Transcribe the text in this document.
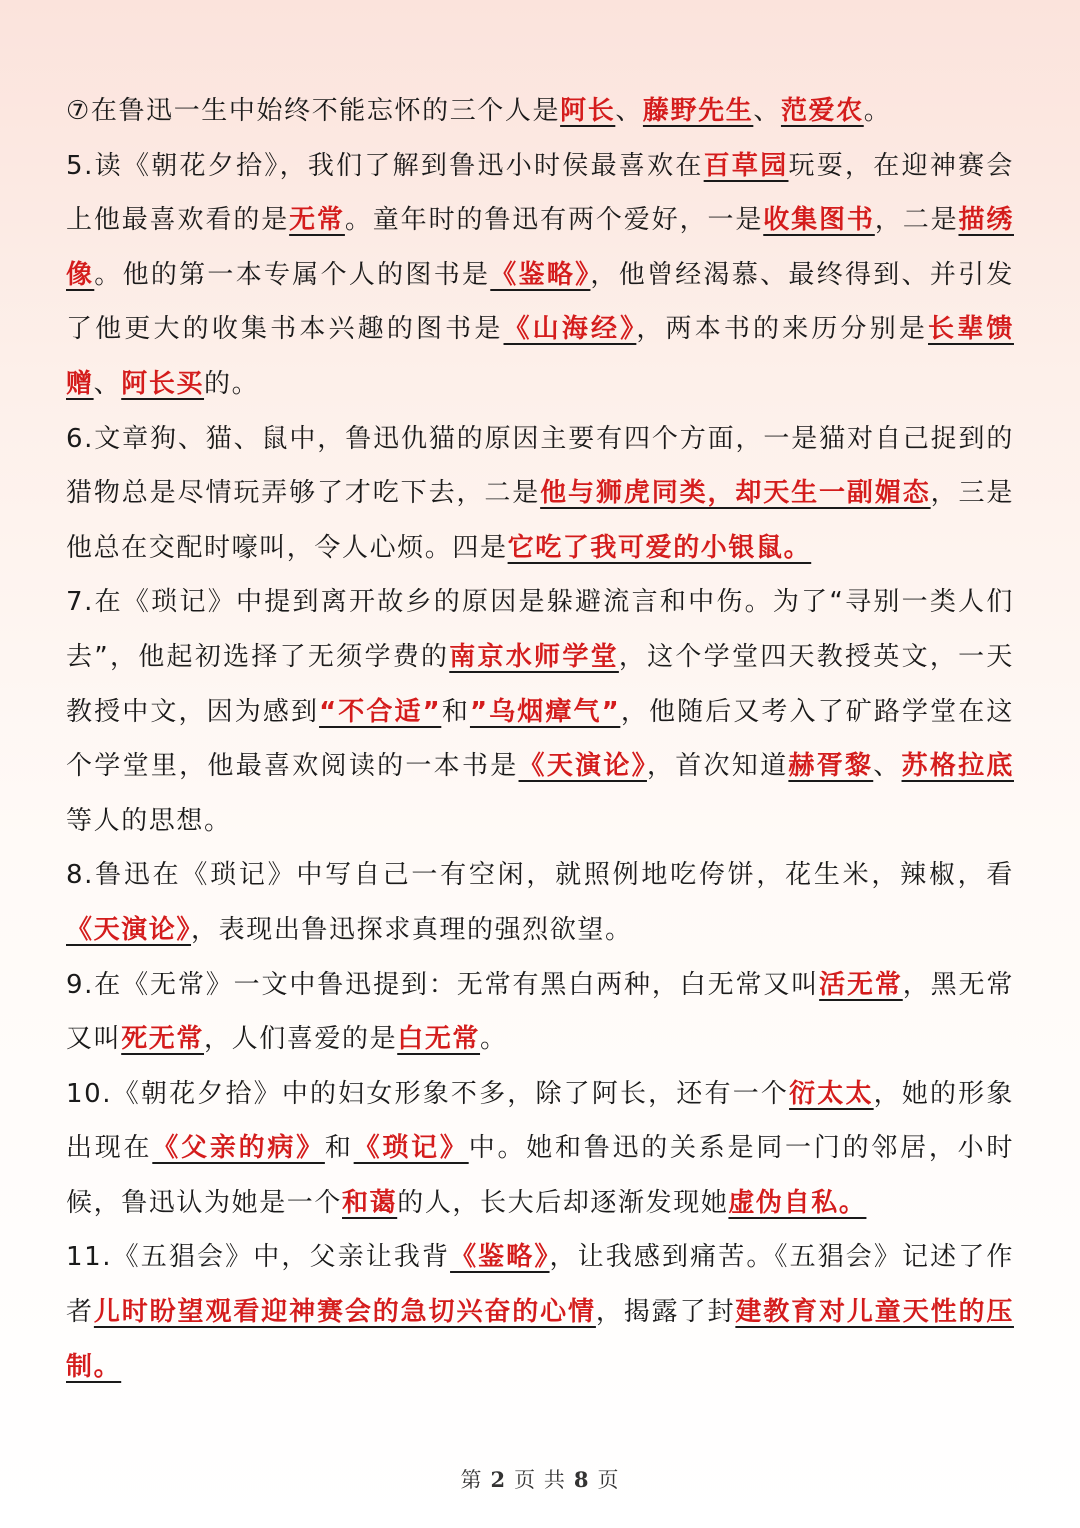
⑦在鲁迅一生中始终不能忘怀的三个人是阿长、藤野先生、范爱农。

5.读《朝花夕拾》，我们了解到鲁迅小时侯最喜欢在百草园玩耍，在迎神赛会上他最喜欢看的是无常。童年时的鲁迅有两个爱好，一是收集图书，二是描绣像。他的第一本专属个人的图书是《鉴略》，他曾经渴慕、最终得到、并引发了他更大的收集书本兴趣的图书是《山海经》，两本书的来历分别是长辈馈赠、阿长买的。

6.文章狗、猫、鼠中，鲁迅仇猫的原因主要有四个方面，一是猫对自己捉到的猎物总是尽情玩弄够了才吃下去，二是他与狮虎同类，却天生一副媚态，三是他总在交配时嚎叫，令人心烦。四是它吃了我可爱的小银鼠。

7.在《琐记》中提到离开故乡的原因是躲避流言和中伤。为了“寻别一类人们去”，他起初选择了无须学费的南京水师学堂，这个学堂四天教授英文，一天教授中文，因为感到“不合适”和”乌烟瘴气”，他随后又考入了矿路学堂在这个学堂里，他最喜欢阅读的一本书是《天演论》，首次知道赫胥黎、苏格拉底等人的思想。

8.鲁迅在《琐记》中写自己一有空闲，就照例地吃侉饼，花生米，辣椒，看《天演论》，表现出鲁迅探求真理的强烈欲望。

9.在《无常》一文中鲁迅提到：无常有黑白两种，白无常又叫活无常，黑无常又叫死无常，人们喜爱的是白无常。

10.《朝花夕拾》中的妇女形象不多，除了阿长，还有一个衍太太，她的形象出现在《父亲的病》和《琐记》中。她和鲁迅的关系是同一门的邻居，小时候，鲁迅认为她是一个和蔼的人，长大后却逐渐发现她虚伪自私。

11.《五猖会》中，父亲让我背《鉴略》，让我感到痛苦。《五猖会》记述了作者儿时盼望观看迎神赛会的急切兴奋的心情，揭露了封建教育对儿童天性的压制。

第 2 页 共 8 页
